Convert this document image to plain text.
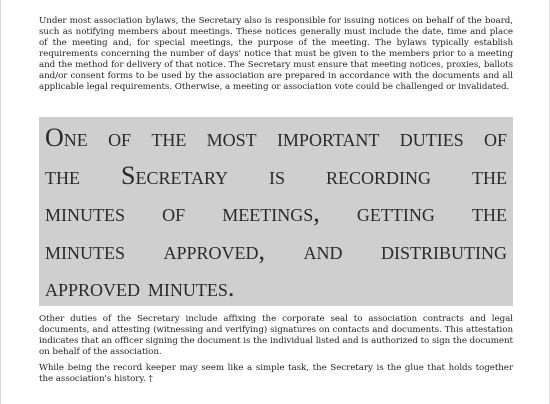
Under most association bylaws, the Secretary also is responsible for issuing notices on behalf of the board, such as notifying members about meetings. These notices generally must include the date, time and place of the meeting and, for special meetings, the purpose of the meeting. The bylaws typically establish requirements concerning the number of days' notice that must be given to the members prior to a meeting and the method for delivery of that notice. The Secretary must ensure that meeting notices, proxies, ballots and/or consent forms to be used by the association are prepared in accordance with the documents and all applicable legal requirements. Otherwise, a meeting or association vote could be challenged or invalidated.

One of the most important duties of
the Secretary is recording the
minutes of meetings, getting the
minutes approved, and distributing
approved minutes.

Other duties of the Secretary include affixing the corporate seal to association contracts and legal documents, and attesting (witnessing and verifying) signatures on contacts and documents. This attestation indicates that an officer signing the document is the individual listed and is authorized to sign the document on behalf of the association.

While being the record keeper may seem like a simple task, the Secretary is the glue that holds together the association's history. †
